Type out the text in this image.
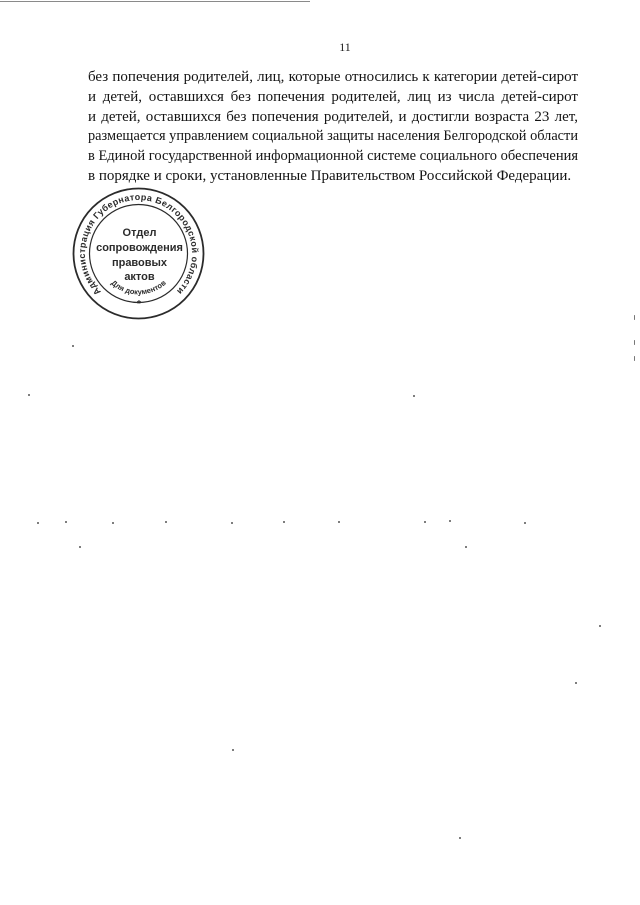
11
без попечения родителей, лиц, которые относились к категории детей-сирот
и детей, оставшихся без попечения родителей, лиц из числа детей-сирот
и детей, оставшихся без попечения родителей, и достигли возраста 23 лет,
размещается управлением социальной защиты населения Белгородской области
в Единой государственной информационной системе социального обеспечения
в порядке и сроки, установленные Правительством Российской Федерации.
Администрация Губернатора Белгородской области
Для документов
*
Отдел
сопровождения
правовых
актов
